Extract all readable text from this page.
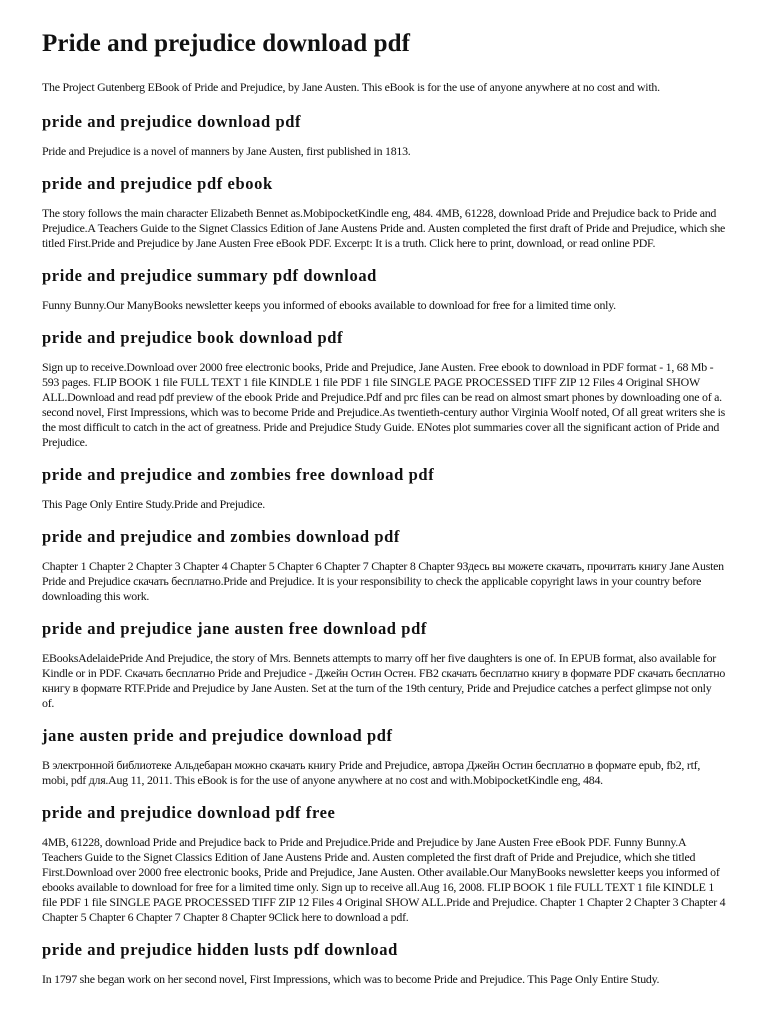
Pride and prejudice download pdf

The Project Gutenberg EBook of Pride and Prejudice, by Jane Austen. This eBook is for the use of anyone anywhere at no cost and with.

pride and prejudice download pdf

Pride and Prejudice is a novel of manners by Jane Austen, first published in 1813.

pride and prejudice pdf ebook

The story follows the main character Elizabeth Bennet as.MobipocketKindle eng, 484. 4MB, 61228, download Pride and Prejudice back to Pride and Prejudice.A Teachers Guide to the Signet Classics Edition of Jane Austens Pride and. Austen completed the first draft of Pride and Prejudice, which she titled First.Pride and Prejudice by Jane Austen Free eBook PDF. Excerpt: It is a truth. Click here to print, download, or read online PDF.

pride and prejudice summary pdf download

Funny Bunny.Our ManyBooks newsletter keeps you informed of ebooks available to download for free for a limited time only.

pride and prejudice book download pdf

Sign up to receive.Download over 2000 free electronic books, Pride and Prejudice, Jane Austen. Free ebook to download in PDF format - 1, 68 Mb - 593 pages. FLIP BOOK 1 file FULL TEXT 1 file KINDLE 1 file PDF 1 file SINGLE PAGE PROCESSED TIFF ZIP 12 Files 4 Original SHOW ALL.Download and read pdf preview of the ebook Pride and Prejudice.Pdf and prc files can be read on almost smart phones by downloading one of a. second novel, First Impressions, which was to become Pride and Prejudice.As twentieth-century author Virginia Woolf noted, Of all great writers she is the most difficult to catch in the act of greatness. Pride and Prejudice Study Guide. ENotes plot summaries cover all the significant action of Pride and Prejudice.

pride and prejudice and zombies free download pdf

This Page Only Entire Study.Pride and Prejudice.

pride and prejudice and zombies download pdf

Chapter 1 Chapter 2 Chapter 3 Chapter 4 Chapter 5 Chapter 6 Chapter 7 Chapter 8 Chapter 9Здесь вы можете скачать, прочитать книгу Jane Austen Pride and Prejudice скачать бесплатно.Pride and Prejudice. It is your responsibility to check the applicable copyright laws in your country before downloading this work.

pride and prejudice jane austen free download pdf

EBooksAdelaidePride And Prejudice, the story of Mrs. Bennets attempts to marry off her five daughters is one of. In EPUB format, also available for Kindle or in PDF. Скачать бесплатно Pride and Prejudice - Джейн Остин Остен. FB2 скачать бесплатно книгу в формате PDF скачать бесплатно книгу в формате RTF.Pride and Prejudice by Jane Austen. Set at the turn of the 19th century, Pride and Prejudice catches a perfect glimpse not only of.

jane austen pride and prejudice download pdf

В электронной библиотеке Альдебаран можно скачать книгу Pride and Prejudice, автора Джейн Остин бесплатно в формате epub, fb2, rtf, mobi, pdf для.Aug 11, 2011. This eBook is for the use of anyone anywhere at no cost and with.MobipocketKindle eng, 484.

pride and prejudice download pdf free

4MB, 61228, download Pride and Prejudice back to Pride and Prejudice.Pride and Prejudice by Jane Austen Free eBook PDF. Funny Bunny.A Teachers Guide to the Signet Classics Edition of Jane Austens Pride and. Austen completed the first draft of Pride and Prejudice, which she titled First.Download over 2000 free electronic books, Pride and Prejudice, Jane Austen. Other available.Our ManyBooks newsletter keeps you informed of ebooks available to download for free for a limited time only. Sign up to receive all.Aug 16, 2008. FLIP BOOK 1 file FULL TEXT 1 file KINDLE 1 file PDF 1 file SINGLE PAGE PROCESSED TIFF ZIP 12 Files 4 Original SHOW ALL.Pride and Prejudice. Chapter 1 Chapter 2 Chapter 3 Chapter 4 Chapter 5 Chapter 6 Chapter 7 Chapter 8 Chapter 9Click here to download a pdf.

pride and prejudice hidden lusts pdf download

In 1797 she began work on her second novel, First Impressions, which was to become Pride and Prejudice. This Page Only Entire Study.
